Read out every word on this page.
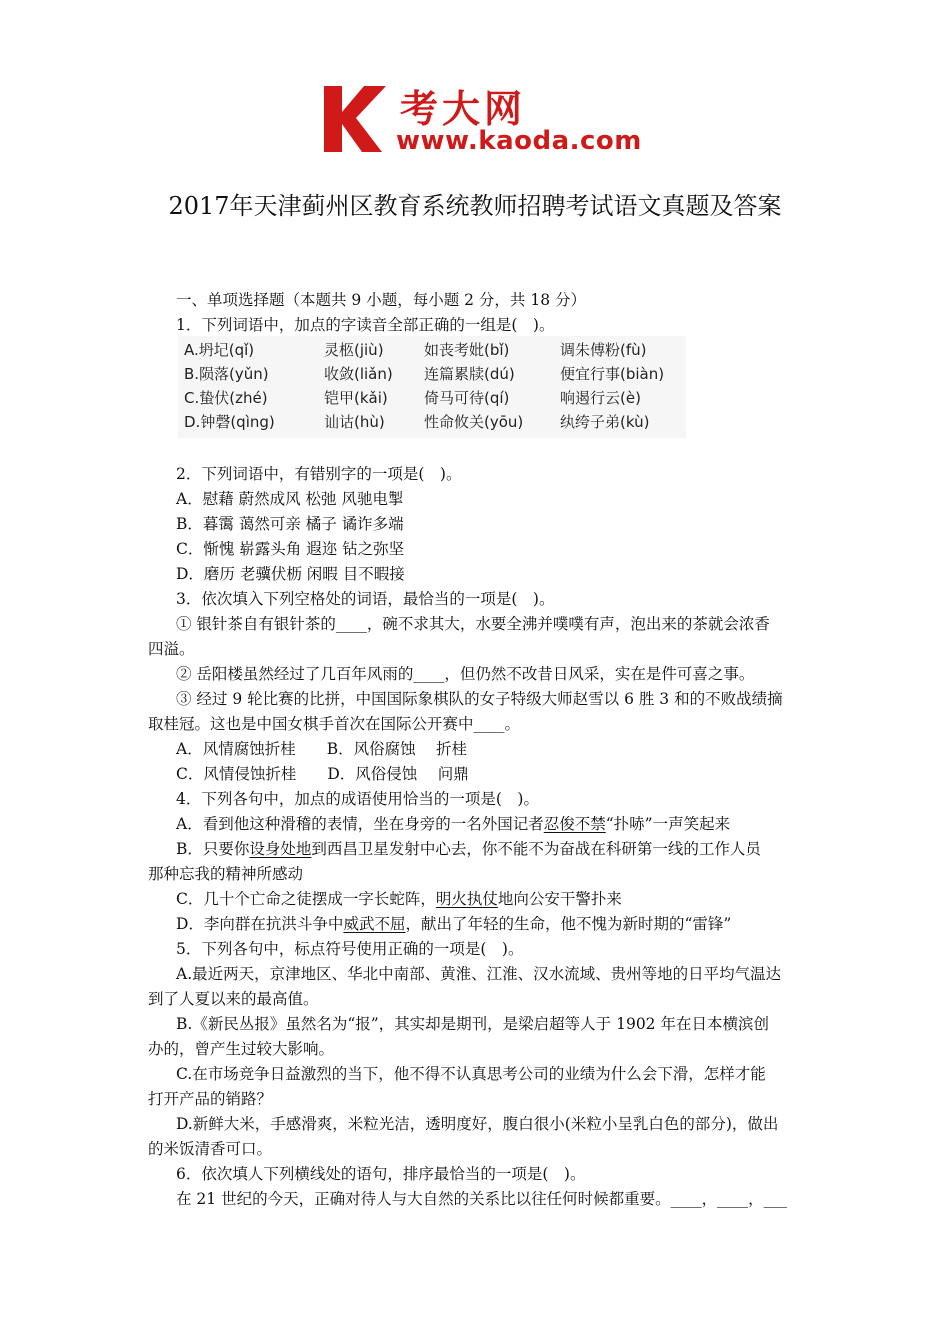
考大网
www.kaoda.com
2017年天津蓟州区教育系统教师招聘考试语文真题及答案
一、单项选择题（本题共 9 小题，每小题 2 分，共 18 分）
1．下列词语中，加点的字读音全部正确的一组是(　)。
A.坍圮(qǐ)	灵柩(jiù)	如丧考妣(bǐ)	调朱傅粉(fù)
B.陨落(yǔn)	收敛(liǎn) 连篇累牍(dú)	便宜行事(biàn)
C.蛰伏(zhé)	铠甲(kǎi) 倚马可待(qí)	响遏行云(è)
D.钟磬(qìng)	讪诂(hù)	性命攸关(yōu) 纨绔子弟(kù)
2．下列词语中，有错别字的一项是(　)。
A．慰藉 蔚然成风 松弛 风驰电掣
B．暮霭 蔼然可亲 橘子 谲诈多端
C．惭愧 崭露头角 遐迩 钻之弥坚
D．磨历 老骥伏枥 闲暇 目不暇接
3．依次填入下列空格处的词语，最恰当的一项是(　)。
① 银针茶自有银针茶的____，碗不求其大，水要全沸并噗噗有声，泡出来的茶就会浓香
四溢。
② 岳阳楼虽然经过了几百年风雨的____，但仍然不改昔日风采，实在是件可喜之事。
③ 经过 9 轮比赛的比拼，中国国际象棋队的女子特级大师赵雪以 6 胜 3 和的不败战绩摘
取桂冠。这也是中国女棋手首次在国际公开赛中____。
A．风情腐蚀折桂　　B．风俗腐蚀　 折桂
C．风情侵蚀折桂　　D．风俗侵蚀　 问鼎
4．下列各句中，加点的成语使用恰当的一项是(　)。
A．看到他这种滑稽的表情，坐在身旁的一名外国记者忍俊不禁“扑哧”一声笑起来
B．只要你设身处地到西昌卫星发射中心去，你不能不为奋战在科研第一线的工作人员
那种忘我的精神所感动
C．几十个亡命之徒摆成一字长蛇阵，明火执仗地向公安干警扑来
D．李向群在抗洪斗争中威武不屈，献出了年轻的生命，他不愧为新时期的“雷锋”
5．下列各句中，标点符号使用正确的一项是(　)。
A.最近两天，京津地区、华北中南部、黄淮、江淮、汉水流域、贵州等地的日平均气温达
到了人夏以来的最高值。
B.《新民丛报》虽然名为“报”，其实却是期刊，是梁启超等人于 1902 年在日本横滨创
办的，曾产生过较大影响。
C.在市场竞争日益激烈的当下，他不得不认真思考公司的业绩为什么会下滑，怎样才能
打开产品的销路？
D.新鲜大米，手感滑爽，米粒光洁，透明度好，腹白很小(米粒小呈乳白色的部分)，做出
的米饭清香可口。
6．依次填人下列横线处的语句，排序最恰当的一项是(　)。
在 21 世纪的今天，正确对待人与大自然的关系比以往任何时候都重要。____，____，___
